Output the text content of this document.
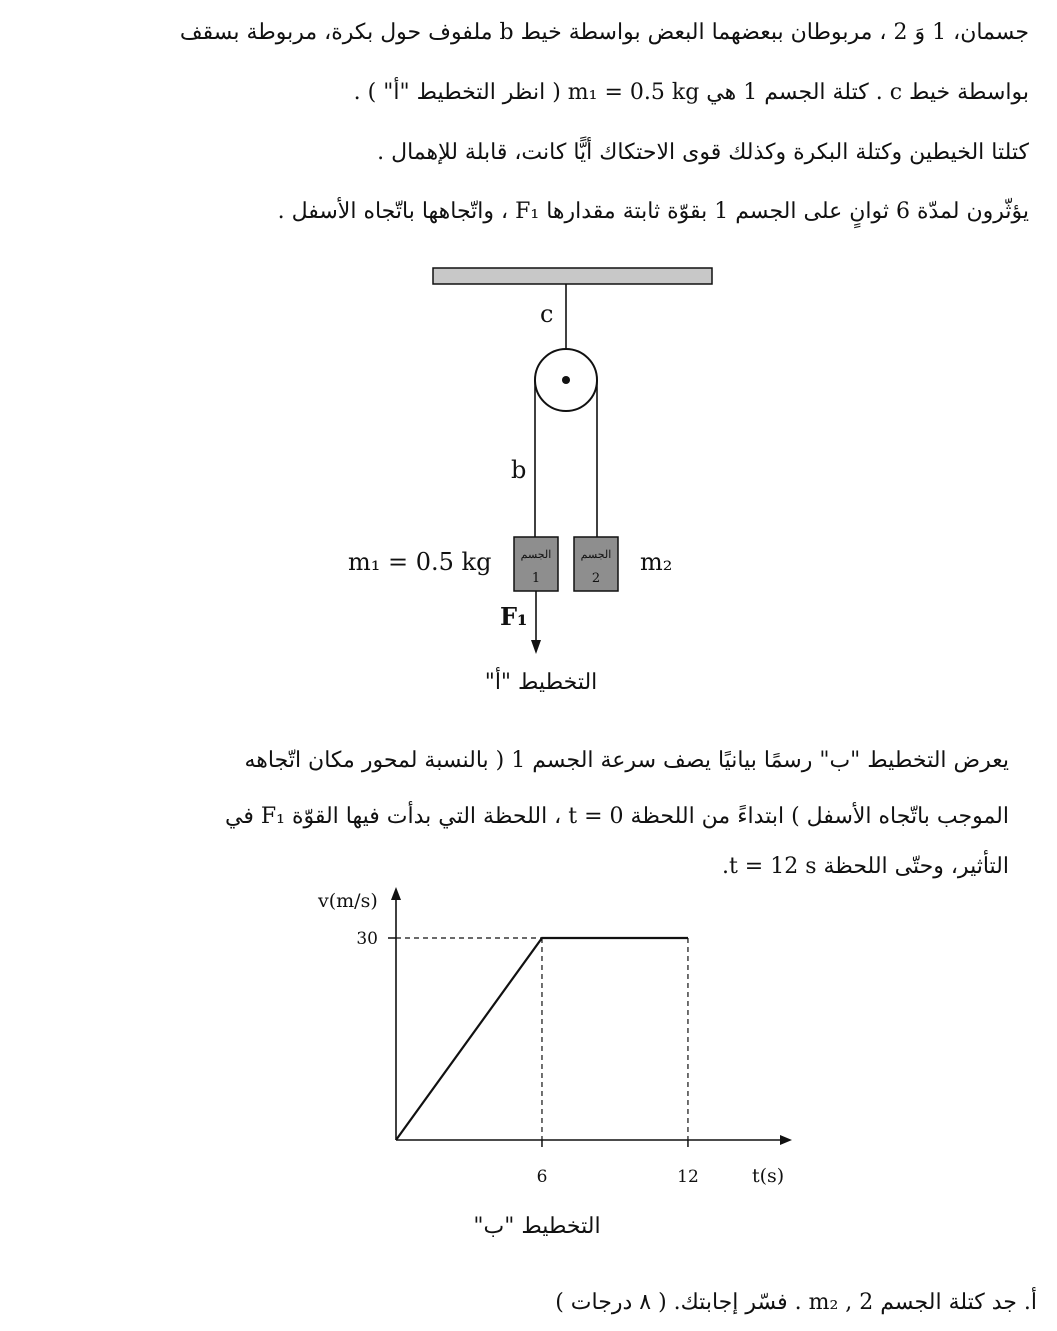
جسمان، 1 وَ 2 ، مربوطان ببعضهما البعض بواسطة خيط b ملفوف حول بكرة، مربوطة بسقف
بواسطة خيط c . كتلة الجسم 1 هي m₁ = 0.5 kg ( انظر التخطيط "أ" ) .
كتلتا الخيطين وكتلة البكرة وكذلك قوى الاحتكاك أيًّا كانت، قابلة للإهمال .
يؤثّرون لمدّة 6 ثوانٍ على الجسم 1 بقوّة ثابتة مقدارها F₁ ، واتّجاهها باتّجاه الأسفل .
c
b
الجسم
1
الجسم
2
m₁ = 0.5 kg	m₂
F₁
التخطيط "أ"
يعرض التخطيط "ب" رسمًا بيانيًا يصف سرعة الجسم 1 ( بالنسبة لمحور مكان اتّجاهه
الموجب باتّجاه الأسفل ) ابتداءً من اللحظة t = 0 ، اللحظة التي بدأت فيها القوّة F₁ في
التأثير، وحتّى اللحظة t = 12 s.
v(m/s)
t(s)
30
6	12
التخطيط "ب"
أ. جد كتلة الجسم 2 , m₂ . فسّر إجابتك. ( ٨ درجات )
